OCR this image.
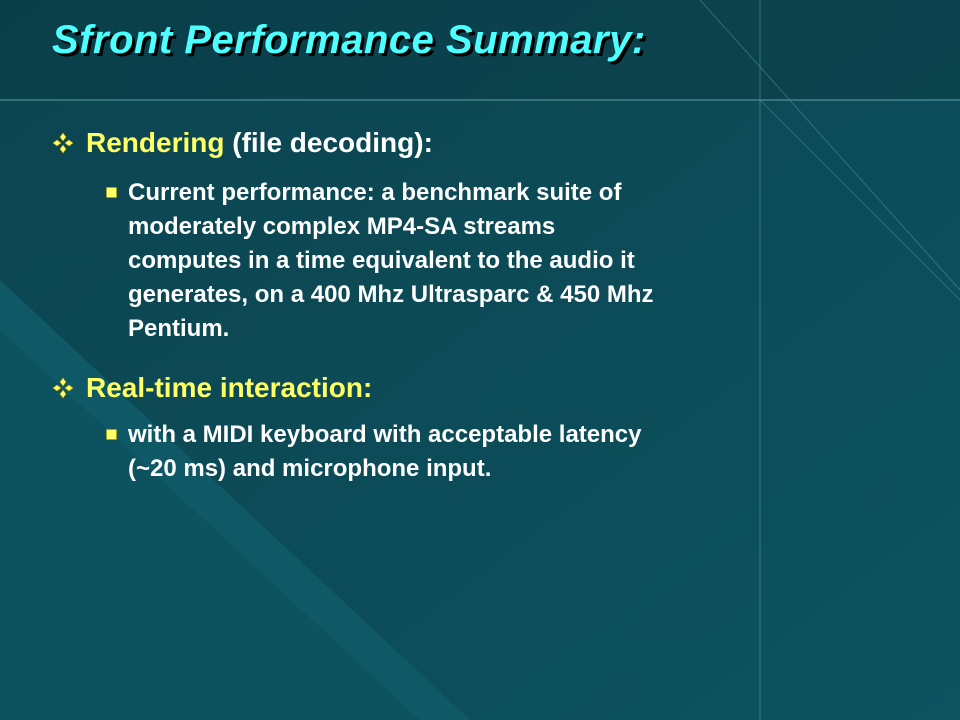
Sfront Performance Summary:
Rendering (file decoding):
Current performance: a benchmark suite of
moderately complex MP4-SA streams
computes in a time equivalent to the audio it
generates, on a 400 Mhz Ultrasparc & 450 Mhz
Pentium.
Real-time interaction:
with a MIDI keyboard with acceptable latency
(~20 ms) and microphone input.
